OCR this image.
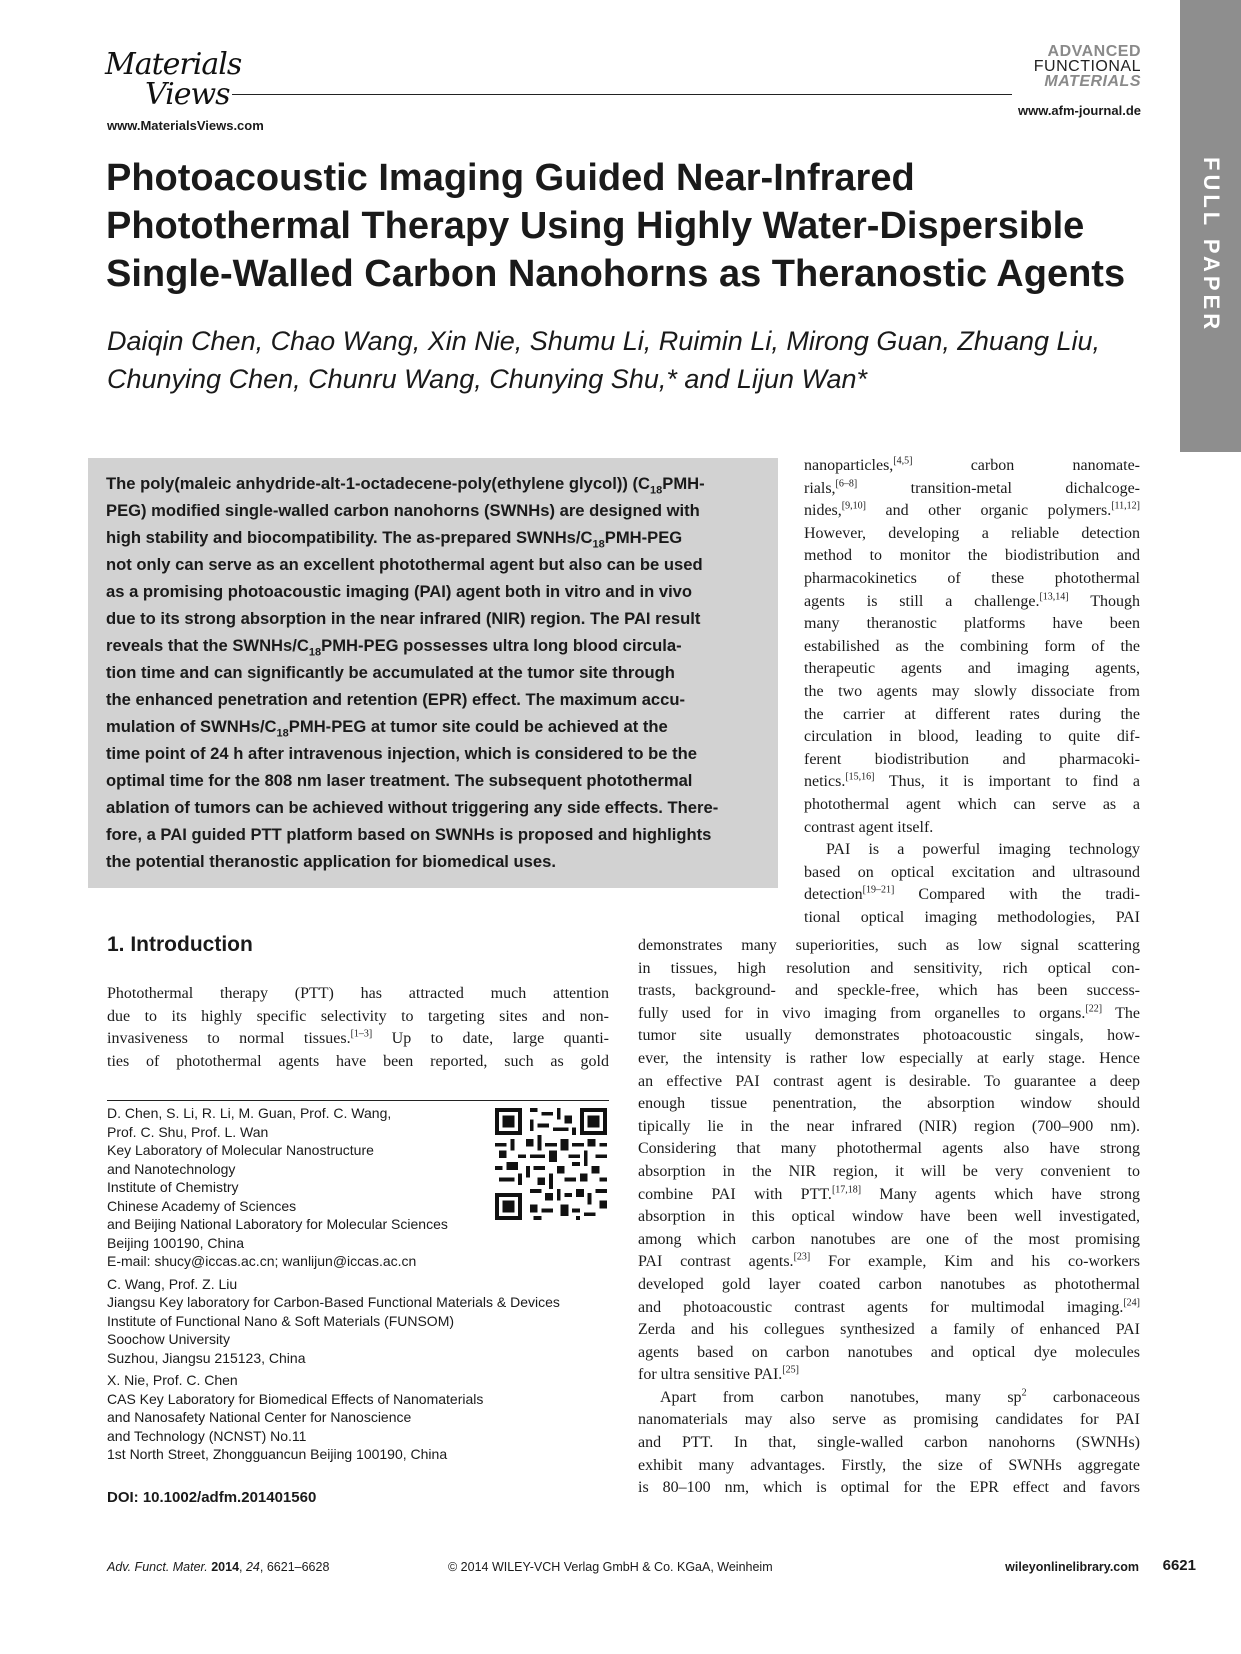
Materials
Views
www.MaterialsViews.com
ADVANCED
FUNCTIONAL
MATERIALS
www.afm-journal.de
FULL PAPER
Photoacoustic Imaging Guided Near-Infrared Photothermal Therapy Using Highly Water-Dispersible Single-Walled Carbon Nanohorns as Theranostic Agents
Daiqin Chen, Chao Wang, Xin Nie, Shumu Li, Ruimin Li, Mirong Guan, Zhuang Liu,
Chunying Chen, Chunru Wang, Chunying Shu,* and Lijun Wan*
The poly(maleic anhydride-alt-1-octadecene-poly(ethylene glycol)) ($C_{18}PMH-$
PEG) modified single-walled carbon nanohorns (SWNHs) are designed with
high stability and biocompatibility. The as-prepared SWNHs/$C_{18}PMH$-PEG
not only can serve as an excellent photothermal agent but also can be used
as a promising photoacoustic imaging (PAI) agent both in vitro and in vivo
due to its strong absorption in the near infrared (NIR) region. The PAI result
reveals that the SWNHs/$C_{18}PMH$-PEG possesses ultra long blood circula-
tion time and can significantly be accumulated at the tumor site through
the enhanced penetration and retention (EPR) effect. The maximum accu-
mulation of SWNHs/$C_{18}PMH$-PEG at tumor site could be achieved at the
time point of 24 h after intravenous injection, which is considered to be the
optimal time for the 808 nm laser treatment. The subsequent photothermal
ablation of tumors can be achieved without triggering any side effects. There-
fore, a PAI guided PTT platform based on SWNHs is proposed and highlights
the potential theranostic application for biomedical uses.
nanoparticles,[4,5] carbon nanomate-
rials,[6–8] transition-metal dichalcoge-
nides,[9,10] and other organic polymers.[11,12]
However, developing a reliable detection
method to monitor the biodistribution and
pharmacokinetics of these photothermal
agents is still a challenge.[13,14] Though
many theranostic platforms have been
estabilished as the combining form of the
therapeutic agents and imaging agents,
the two agents may slowly dissociate from
the carrier at different rates during the
circulation in blood, leading to quite dif-
ferent biodistribution and pharmacoki-
netics.[15,16] Thus, it is important to find a
photothermal agent which can serve as a
contrast agent itself.
PAI is a powerful imaging technology
based on optical excitation and ultrasound
detection[19–21] Compared with the tradi-
tional optical imaging methodologies, PAI
demonstrates many superiorities, such as low signal scattering
in tissues, high resolution and sensitivity, rich optical con-
trasts, background- and speckle-free, which has been success-
fully used for in vivo imaging from organelles to organs.[22] The
tumor site usually demonstrates photoacoustic singals, how-
ever, the intensity is rather low especially at early stage. Hence
an effective PAI contrast agent is desirable. To guarantee a deep
enough tissue penentration, the absorption window should
tipically lie in the near infrared (NIR) region (700–900 nm).
Considering that many photothermal agents also have strong
absorption in the NIR region, it will be very convenient to
combine PAI with PTT.[17,18] Many agents which have strong
absorption in this optical window have been well investigated,
among which carbon nanotubes are one of the most promising
PAI contrast agents.[23] For example, Kim and his co-workers
developed gold layer coated carbon nanotubes as photothermal
and photoacoustic contrast agents for multimodal imaging.[24]
Zerda and his collegues synthesized a family of enhanced PAI
agents based on carbon nanotubes and optical dye molecules
for ultra sensitive PAI.[25]
Apart from carbon nanotubes, many $sp^2$ carbonaceous
nanomaterials may also serve as promising candidates for PAI
and PTT. In that, single-walled carbon nanohorns (SWNHs)
exhibit many advantages. Firstly, the size of SWNHs aggregate
is 80–100 nm, which is optimal for the EPR effect and favors
1. Introduction
Photothermal therapy (PTT) has attracted much attention
due to its highly specific selectivity to targeting sites and non-
invasiveness to normal tissues.[1–3] Up to date, large quanti-
ties of photothermal agents have been reported, such as gold
D. Chen, S. Li, R. Li, M. Guan, Prof. C. Wang,
Prof. C. Shu, Prof. L. Wan
Key Laboratory of Molecular Nanostructure
and Nanotechnology
Institute of Chemistry
Chinese Academy of Sciences
and Beijing National Laboratory for Molecular Sciences
Beijing 100190, China
E-mail: shucy@iccas.ac.cn; wanlijun@iccas.ac.cn
C. Wang, Prof. Z. Liu
Jiangsu Key laboratory for Carbon-Based Functional Materials & Devices
Institute of Functional Nano & Soft Materials (FUNSOM)
Soochow University
Suzhou, Jiangsu 215123, China
X. Nie, Prof. C. Chen
CAS Key Laboratory for Biomedical Effects of Nanomaterials
and Nanosafety National Center for Nanoscience
and Technology (NCNST) No.11
1st North Street, Zhongguancun Beijing 100190, China
DOI: 10.1002/adfm.201401560
Adv. Funct. Mater. 2014, 24, 6621–6628	© 2014 WILEY-VCH Verlag GmbH & Co. KGaA, Weinheim	wileyonlinelibrary.com 6621
